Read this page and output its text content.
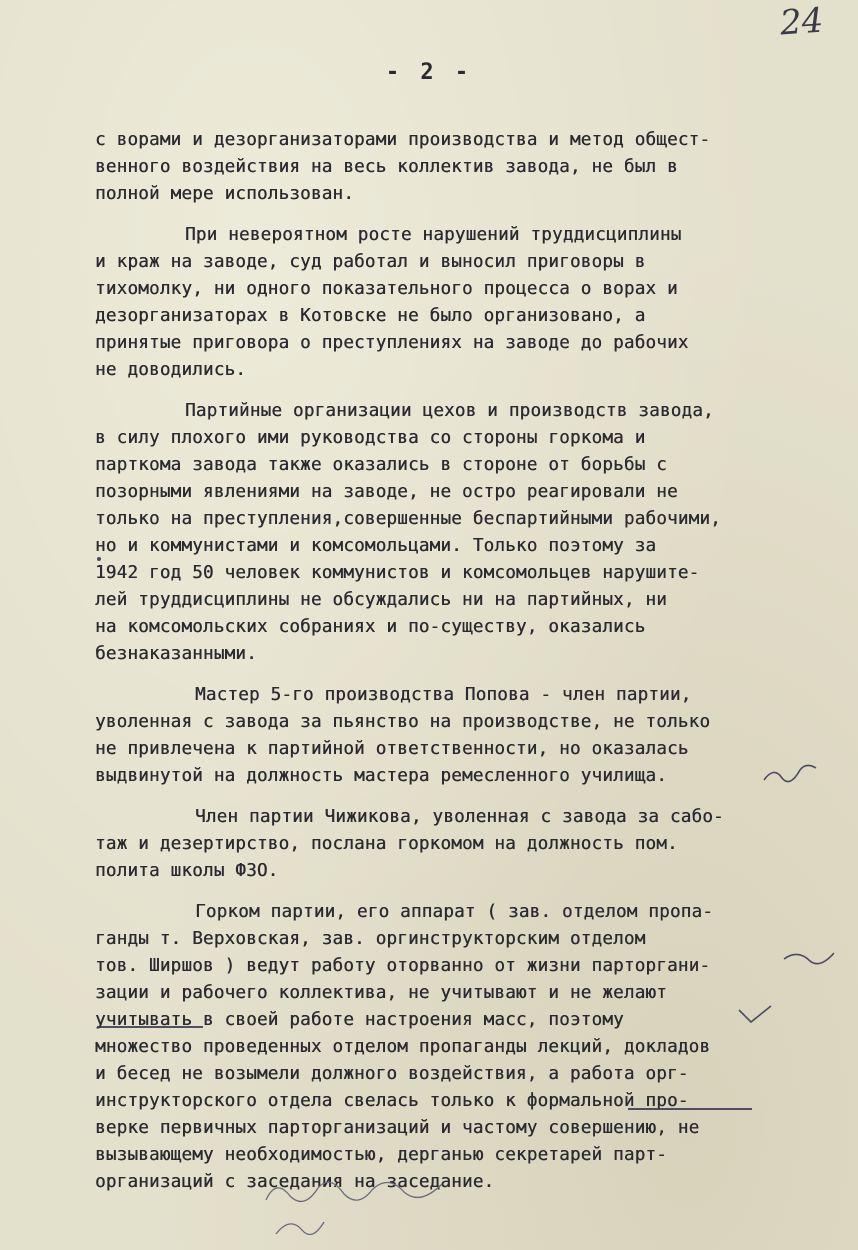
24
- 2 -
с ворами и дезорганизаторами производства и метод общест-
венного воздействия на весь коллектив завода, не был в
полной мере использован.
При невероятном росте нарушений труддисциплины
и краж на заводе, суд работал и выносил приговоры в
тихомолку, ни одного показательного процесса о ворах и
дезорганизаторах в Котовске не было организовано, а
принятые приговора о преступлениях на заводе до рабочих
не доводились.
Партийные организации цехов и производств завода,
в силу плохого ими руководства со стороны горкома и
парткома завода также оказались в стороне от борьбы с
позорными явлениями на заводе, не остро реагировали не
только на преступления,совершенные беспартийными рабочими,
но и коммунистами и комсомольцами. Только поэтому за
1942 год 50 человек коммунистов и комсомольцев нарушите-
лей труддисциплины не обсуждались ни на партийных, ни
на комсомольских собраниях и по-существу, оказались
безнаказанными.
Мастер 5-го производства Попова - член партии,
уволенная с завода за пьянство на производстве, не только
не привлечена к партийной ответственности, но оказалась
выдвинутой на должность мастера ремесленного училища.
Член партии Чижикова, уволенная с завода за сабо-
таж и дезертирство, послана горкомом на должность пом.
полита школы ФЗО.
Горком партии, его аппарат ( зав. отделом пропа-
ганды т. Верховская, зав. оргинструкторским отделом
тов. Ширшов ) ведут работу оторванно от жизни парторгани-
зации и рабочего коллектива, не учитывают и не желают
учитывать в своей работе настроения масс, поэтому
множество проведенных отделом пропаганды лекций, докладов
и бесед не возымели должного воздействия, а работа орг-
инструкторского отдела свелась только к формальной про-
верке первичных парторганизаций и частому совершению, не
вызывающему необходимостью, дерганью секретарей парт-
организаций с заседания на заседание.
